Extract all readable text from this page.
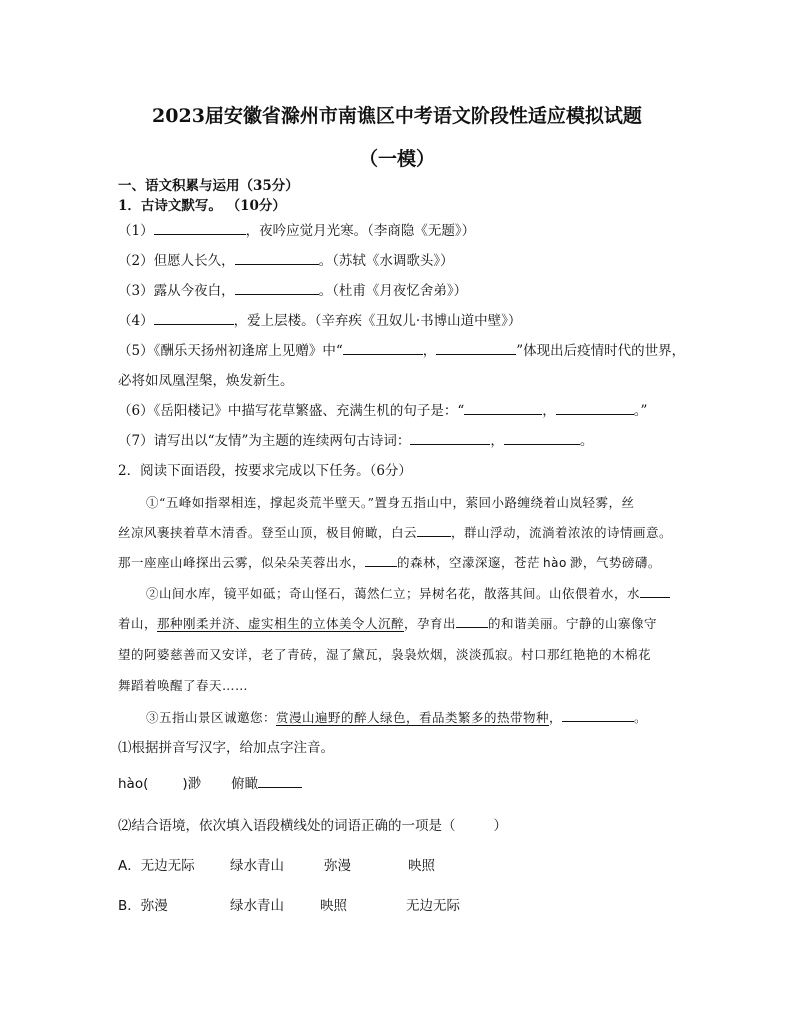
2023届安徽省滁州市南谯区中考语文阶段性适应模拟试题
（一模）
一、语文积累与运用（35分）
1．古诗文默写。 （10分）
（1）	，夜吟应觉月光寒。（李商隐《无题》）
（2）但愿人长久，	。（苏轼《水调歌头》）
（3）露从今夜白，	。（杜甫《月夜忆舍弟》）
（4）	，爱上层楼。（辛弃疾《丑奴儿·书博山道中壁》）
（5）《酬乐天扬州初逢席上见赠》中“	，	”体现出后疫情时代的世界，
必将如凤凰涅槃，焕发新生。
（6）《岳阳楼记》中描写花草繁盛、充满生机的句子是：“	，	。”
（7）请写出以“友情”为主题的连续两句古诗词：	，	。
2．阅读下面语段，按要求完成以下任务。（6分）
①“五峰如指翠相连，撑起炎荒半壁天。”置身五指山中，萦回小路缠绕着山岚轻雾，丝
丝凉风裹挟着草木清香。登至山顶，极目俯瞰，白云	，群山浮动，流淌着浓浓的诗情画意。
那一座座山峰探出云雾，似朵朵芙蓉出水，	的森林，空濛深邃，苍茫 hào 渺，气势磅礴。
②山间水库，镜平如砥；奇山怪石，蔼然仁立；异树名花，散落其间。山依偎着水，水
着山，那种刚柔并济、虚实相生的立体美令人沉醉，孕育出	的和谐美丽。宁静的山寨像守
望的阿婆慈善而又安详，老了青砖，湿了黛瓦，袅袅炊烟，淡淡孤寂。村口那红艳艳的木棉花
舞蹈着唤醒了春天……
③五指山景区诚邀您：赏漫山遍野的醉人绿色，看品类繁多的热带物种，	。
⑴根据拼音写汉字，给加点字注音。
hào(	)渺 俯瞰
⑵结合语境，依次填入语段横线处的词语正确的一项是（	）
A．无边无际	绿水青山	弥漫	映照
B．弥漫	绿水青山	映照	无边无际
